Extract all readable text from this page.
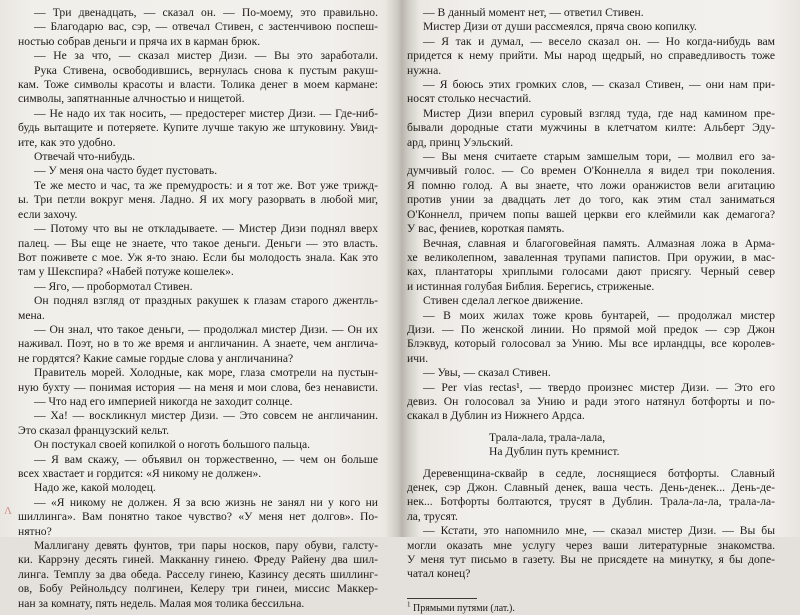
— Три двенадцать, — сказал он. — По-моему, это правильно.
— Благодарю вас, сэр, — отвечал Стивен, с застенчивою поспеш-
ностью собрав деньги и пряча их в карман брюк.
— Не за что, — сказал мистер Дизи. — Вы это заработали.
Рука Стивена, освободившись, вернулась снова к пустым ракуш-
кам. Тоже символы красоты и власти. Толика денег в моем кармане:
символы, запятнанные алчностью и нищетой.
— Не надо их так носить, — предостерег мистер Дизи. — Где-ниб-
будь вытащите и потеряете. Купите лучше такую же штуковину. Увид-
ите, как это удобно.
Отвечай что-нибудь.
— У меня она часто будет пустовать.
Те же место и час, та же премудрость: и я тот же. Вот уже трижд-
ы. Три петли вокруг меня. Ладно. Я их могу разорвать в любой миг,
если захочу.
— Потому что вы не откладываете. — Мистер Дизи поднял вверх
палец. — Вы еще не знаете, что такое деньги. Деньги — это власть.
Вот поживете с мое. Уж я-то знаю. Если бы молодость знала. Как это
там у Шекспира? «Набей потуже кошелек».
— Яго, — пробормотал Стивен.
Он поднял взгляд от праздных ракушек к глазам старого джентль-
мена.
— Он знал, что такое деньги, — продолжал мистер Дизи. — Он их
наживал. Поэт, но в то же время и англичанин. А знаете, чем англича-
не гордятся? Какие самые гордые слова у англичанина?
Правитель морей. Холодные, как море, глаза смотрели на пустын-
ную бухту — понимая история — на меня и мои слова, без ненависти.
— Что над его империей никогда не заходит солнце.
— Ха! — воскликнул мистер Дизи. — Это совсем не англичанин.
Это сказал французский кельт.
Он постукал своей копилкой о ноготь большого пальца.
— Я вам скажу, — объявил он торжественно, — чем он больше
всех хвастает и гордится: «Я никому не должен».
Надо же, какой молодец.
— «Я никому не должен. Я за всю жизнь не занял ни у кого ни
шиллинга». Вам понятно такое чувство? «У меня нет долгов». По-
нятно?
Маллигану девять фунтов, три пары носков, пару обуви, галсту-
ки. Каррэну десять гиней. Макканну гинею. Фреду Райену два шил-
линга. Темплу за два обеда. Расселу гинею, Казинсу десять шиллинг-
ов, Бобу Рейнольдсу полгинеи, Келеру три гинеи, миссис Маккер-
нан за комнату, пять недель. Малая моя толика бессильна.
— В данный момент нет, — ответил Стивен.
Мистер Дизи от души рассмеялся, пряча свою копилку.
— Я так и думал, — весело сказал он. — Но когда-нибудь вам
придется к нему прийти. Мы народ щедрый, но справедливость тоже
нужна.
— Я боюсь этих громких слов, — сказал Стивен, — они нам при-
носят столько несчастий.
Мистер Дизи вперил суровый взгляд туда, где над камином пре-
бывали дородные стати мужчины в клетчатом килте: Альберт Эду-
ард, принц Уэльский.
— Вы меня считаете старым замшелым тори, — молвил его за-
думчивый голос. — Со времен О'Коннелла я видел три поколения.
Я помню голод. А вы знаете, что ложи оранжистов вели агитацию
против унии за двадцать лет до того, как этим стал заниматься
О'Коннелл, причем попы вашей церкви его клеймили как демагога?
У вас, фениев, короткая память.
Вечная, славная и благоговейная память. Алмазная ложа в Арма-
хе великолепном, заваленная трупами папистов. При оружии, в мас-
ках, плантаторы хриплыми голосами дают присягу. Черный север
и истинная голубая Библия. Берегись, стриженые.
Стивен сделал легкое движение.
— В моих жилах тоже кровь бунтарей, — продолжал мистер
Дизи. — По женской линии. Но прямой мой предок — сэр Джон
Блэквуд, который голосовал за Унию. Мы все ирландцы, все королев-
ичи.
— Увы, — сказал Стивен.
— Per vias rectas¹, — твердо произнес мистер Дизи. — Это его
девиз. Он голосовал за Унию и ради этого натянул ботфорты и по-
скакал в Дублин из Нижнего Ардса.
Трала-лала, трала-лала,
На Дублин путь кремнист.
Деревенщина-сквайр в седле, лоснящиеся ботфорты. Славный
денек, сэр Джон. Славный денек, ваша честь. День-денек... День-де-
нек... Ботфорты болтаются, трусят в Дублин. Трала-ла-ла, трала-ла-
ла, трусят.
— Кстати, это напомнило мне, — сказал мистер Дизи. — Вы бы
могли оказать мне услугу через ваши литературные знакомства.
У меня тут письмо в газету. Вы не присядете на минутку, я бы допе-
чатал конец?
$^1$ Прямыми путями (лат.).
Λ
